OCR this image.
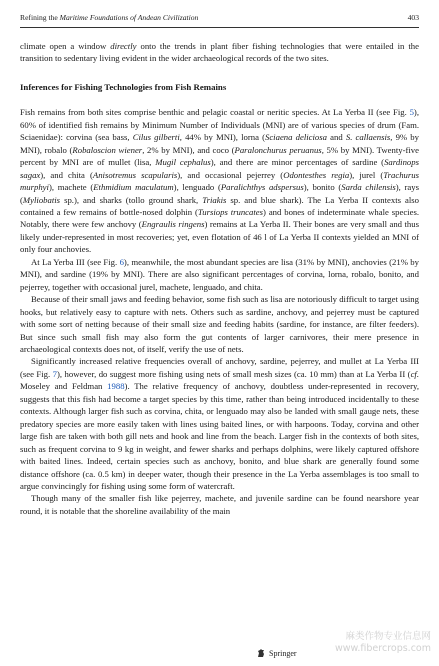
Refining the Maritime Foundations of Andean Civilization	403

climate open a window directly onto the trends in plant fiber fishing technologies that were entailed in the transition to sedentary living evident in the wider archaeological records of the two sites.

Inferences for Fishing Technologies from Fish Remains

Fish remains from both sites comprise benthic and pelagic coastal or neritic species. At La Yerba II (see Fig. 5), 60% of identified fish remains by Minimum Number of Individuals (MNI) are of various species of drum (Fam. Sciaenidae): corvina (sea bass, Cilus gilberti, 44% by MNI), lorna (Sciaena deliciosa and S. callaensis, 9% by MNI), robalo (Robaloscion wiener, 2% by MNI), and coco (Paralonchurus peruanus, 5% by MNI). Twenty-five percent by MNI are of mullet (lisa, Mugil cephalus), and there are minor percentages of sardine (Sardinops sagax), and chita (Anisotremus scapularis), and occasional pejerrey (Odontesthes regia), jurel (Trachurus murphyi), machete (Ethmidium maculatum), lenguado (Paralichthys adspersus), bonito (Sarda chilensis), rays (Myliobatis sp.), and sharks (tollo ground shark, Triakis sp. and blue shark). The La Yerba II contexts also contained a few remains of bottle-nosed dolphin (Tursiops truncates) and bones of indeterminate whale species. Notably, there were few anchovy (Engraulis ringens) remains at La Yerba II. Their bones are very small and thus likely under-represented in most recoveries; yet, even flotation of 46 l of La Yerba II contexts yielded an MNI of only four anchovies.

At La Yerba III (see Fig. 6), meanwhile, the most abundant species are lisa (31% by MNI), anchovies (21% by MNI), and sardine (19% by MNI). There are also significant percentages of corvina, lorna, robalo, bonito, and pejerrey, together with occasional jurel, machete, lenguado, and chita.

Because of their small jaws and feeding behavior, some fish such as lisa are notoriously difficult to target using hooks, but relatively easy to capture with nets. Others such as sardine, anchovy, and pejerrey must be captured with some sort of netting because of their small size and feeding habits (sardine, for instance, are filter feeders). But since such small fish may also form the gut contents of larger carnivores, their mere presence in archaeological contexts does not, of itself, verify the use of nets.

Significantly increased relative frequencies overall of anchovy, sardine, pejerrey, and mullet at La Yerba III (see Fig. 7), however, do suggest more fishing using nets of small mesh sizes (ca. 10 mm) than at La Yerba II (cf. Moseley and Feldman 1988). The relative frequency of anchovy, doubtless under-represented in recovery, suggests that this fish had become a target species by this time, rather than being introduced incidentally to these contexts. Although larger fish such as corvina, chita, or lenguado may also be landed with small gauge nets, these predatory species are more easily taken with lines using baited lines, or with harpoons. Today, corvina and other large fish are taken with both gill nets and hook and line from the beach. Larger fish in the contexts of both sites, such as frequent corvina to 9 kg in weight, and fewer sharks and perhaps dolphins, were likely captured offshore with baited lines. Indeed, certain species such as anchovy, bonito, and blue shark are generally found some distance offshore (ca. 0.5 km) in deeper water, though their presence in the La Yerba assemblages is too small to argue convincingly for fishing using some form of watercraft.

Though many of the smaller fish like pejerrey, machete, and juvenile sardine can be found nearshore year round, it is notable that the shoreline availability of the main

Springer
麻类作物专业信息网
www.fibercrops.com
